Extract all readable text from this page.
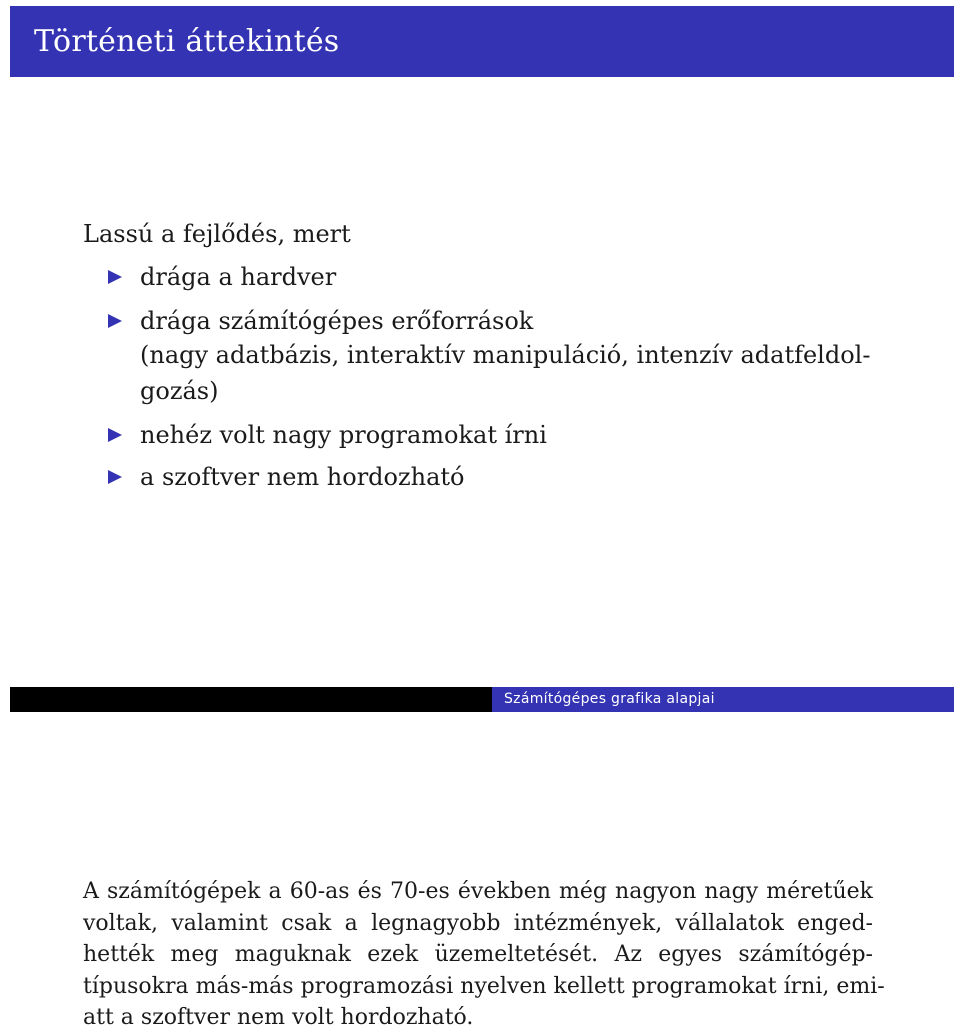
Történeti áttekintés

Lassú a fejlődés, mert

drága a hardver
drága számítógépes erőforrások
(nagy adatbázis, interaktív manipuláció, intenzív adatfeldol-
gozás)
nehéz volt nagy programokat írni
a szoftver nem hordozható
Számítógépes grafika alapjai

A számítógépek a 60-as és 70-es években még nagyon nagy méretűek
voltak, valamint csak a legnagyobb intézmények, vállalatok enged-
hették meg maguknak ezek üzemeltetését. Az egyes számítógép-
típusokra más-más programozási nyelven kellett programokat írni, emi-
att a szoftver nem volt hordozható.
